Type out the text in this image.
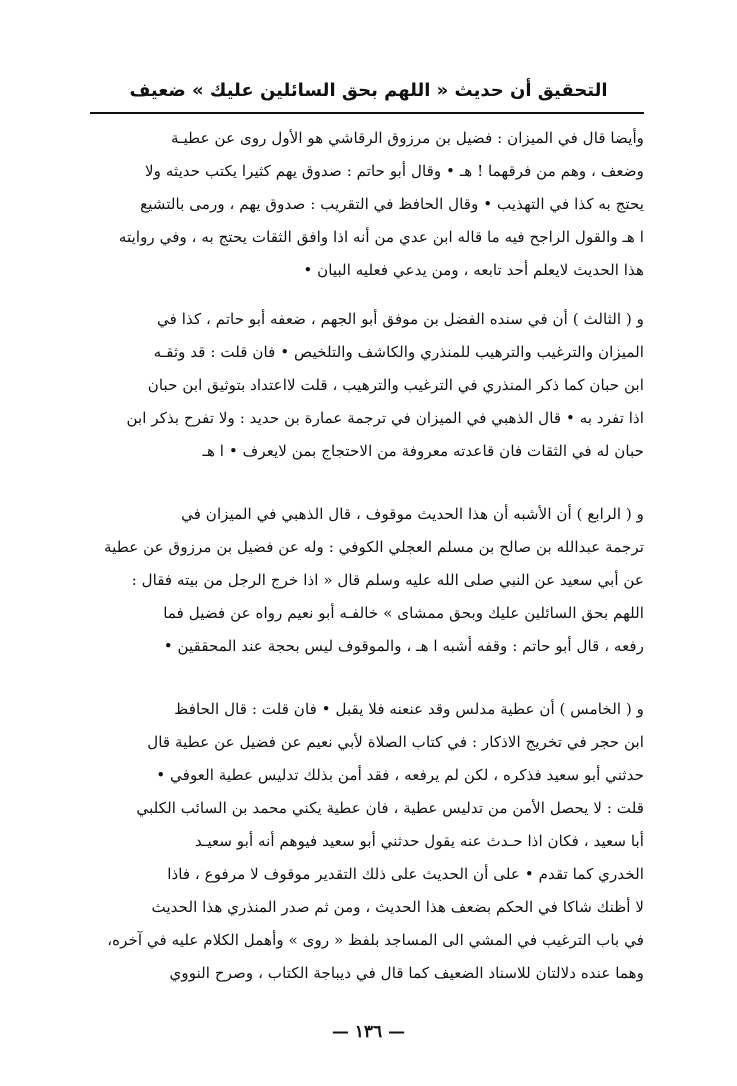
التحقيق أن حديث « اللهم بحق السائلين عليك » ضعيف

وأيضا قال في الميزان : فضيل بن مرزوق الرقاشي هو الأول روى عن عطيـة
وضعف ، وهم من فرقهما ! هـ • وقال أبو حاتم : صدوق يهم كثيرا يكتب حديثه ولا
يحتج به كذا في التهذيب • وقال الحافظ في التقريب : صدوق يهم ، ورمى بالتشيع
ا هـ والقول الراجح فيه ما قاله ابن عدي من أنه اذا وافق الثقات يحتج به ، وفي روايته
هذا الحديث لايعلم أحد تابعه ، ومن يدعي فعليه البيان •

و ( الثالث ) أن في سنده الفضل بن موفق أبو الجهم ، ضعفه أبو حاتم ، كذا في
الميزان والترغيب والترهيب للمنذري والكاشف والتلخيص • فان قلت : قد وثقـه
ابن حبان كما ذكر المنذري في الترغيب والترهيب ، قلت لااعتداد بتوثيق ابن حبان
اذا تفرد به • قال الذهبي في الميزان في ترجمة عمارة بن حديد : ولا تفرح بذكر ابن
حبان له في الثقات فان قاعدته معروفة من الاحتجاج بمن لايعرف • ا هـ

و ( الرابع ) أن الأشبه أن هذا الحديث موقوف ، قال الذهبي في الميزان في
ترجمة عبدالله بن صالح بن مسلم العجلي الكوفي : وله عن فضيل بن مرزوق عن عطية
عن أبي سعيد عن النبي صلى الله عليه وسلم قال « اذا خرج الرجل من بيته فقال :
اللهم بحق السائلين عليك وبحق ممشاى » خالفـه أبو نعيم رواه عن فضيل فما
رفعه ، قال أبو حاتم : وقفه أشبه ا هـ ، والموقوف ليس بحجة عند المحققين •

و ( الخامس ) أن عطية مدلس وقد عنعنه فلا يقبل • فان قلت : قال الحافظ
ابن حجر في تخريج الاذكار : في كتاب الصلاة لأبي نعيم عن فضيل عن عطية قال
حدثني أبو سعيد فذكره ، لكن لم يرفعه ، فقد أمن بذلك تدليس عطية العوفي •
قلت : لا يحصل الأمن من تدليس عطية ، فان عطية يكني محمد بن السائب الكلبي
أبا سعيد ، فكان اذا حـدث عنه يقول حدثني أبو سعيد فيوهم أنه أبو سعيـد
الخدري كما تقدم • على أن الحديث على ذلك التقدير موقوف لا مرفوع ، فاذا
لا أظنك شاكا في الحكم بضعف هذا الحديث ، ومن ثم صدر المنذري هذا الحديث
في باب الترغيب في المشي الى المساجد بلفظ « روى » وأهمل الكلام عليه في آخره،
وهما عنده دلالتان للاسناد الضعيف كما قال في ديباجة الكتاب ، وصرح النووي

— ١٣٦ —
